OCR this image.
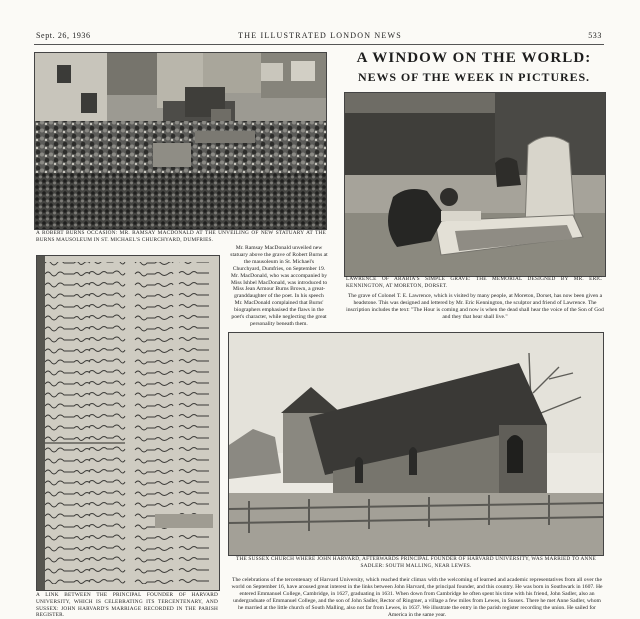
Sept. 26, 1936	THE ILLUSTRATED LONDON NEWS	533
A WINDOW ON THE WORLD:
NEWS OF THE WEEK IN PICTURES.
A ROBERT BURNS OCCASION: MR. RAMSAY MACDONALD AT THE UNVEILING OF NEW STATUARY AT THE BURNS MAUSOLEUM IN ST. MICHAEL'S CHURCHYARD, DUMFRIES.
Mr. Ramsay MacDonald unveiled new statuary above the grave of Robert Burns at the mausoleum in St. Michael's Churchyard, Dumfries, on September 19. Mr. MacDonald, who was accompanied by Miss Ishbel MacDonald, was introduced to Miss Jean Armour Burns Brown, a great-granddaughter of the poet. In his speech Mr. MacDonald complained that Burns' biographers emphasised the flaws in the poet's character, while neglecting the great personality beneath them.
LAWRENCE OF ARABIA'S SIMPLE GRAVE: THE MEMORIAL DESIGNED BY MR. ERIC KENNINGTON, AT MORETON, DORSET.
The grave of Colonel T. E. Lawrence, which is visited by many people, at Moreton, Dorset, has now been given a headstone. This was designed and lettered by Mr. Eric Kennington, the sculptor and friend of Lawrence. The inscription includes the text: "The Hour is coming and now is when the dead shall hear the voice of the Son of God and they that hear shall live."
THE SUSSEX CHURCH WHERE JOHN HARVARD, AFTERWARDS PRINCIPAL FOUNDER OF HARVARD UNIVERSITY, WAS MARRIED TO ANNE SADLER: SOUTH MALLING, NEAR LEWES.
The celebrations of the tercentenary of Harvard University, which reached their climax with the welcoming of learned and academic representatives from all over the world on September 16, have aroused great interest in the links between John Harvard, the principal founder, and this country. He was born in Southwark in 1607. He entered Emmanuel College, Cambridge, in 1627, graduating in 1631. When down from Cambridge he often spent his time with his friend, John Sadler, also an undergraduate of Emmanuel College, and the son of John Sadler, Rector of Ringmer, a village a few miles from Lewes, in Sussex. There he met Anne Sadler, whom he married at the little church of South Malling, also not far from Lewes, in 1637. We illustrate the entry in the parish register recording the union. He sailed for America in the same year.
A LINK BETWEEN THE PRINCIPAL FOUNDER OF HARVARD UNIVERSITY, WHICH IS CELEBRATING ITS TERCENTENARY, AND SUSSEX: JOHN HARVARD'S MARRIAGE RECORDED IN THE PARISH REGISTER.
